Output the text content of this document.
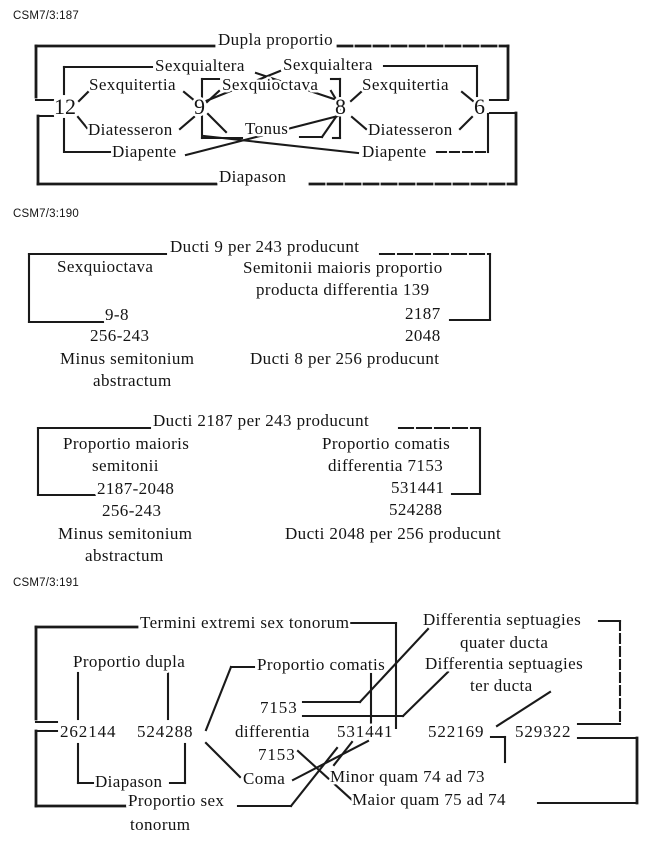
CSM7/3:187
CSM7/3:190
CSM7/3:191
Dupla proportio
Sexquialtera Sexquialtera
Sexquitertia	Sexquioctava	Sexquitertia
12	9	8	6
Diatesseron	Tonus	Diatesseron
Diapente	Diapente
Diapason
Ducti 9 per 243 producunt
Sexquioctava	Semitonii maioris proportio
producta differentia 139
9-8	2187
256-243	2048
Minus semitonium	Ducti 8 per 256 producunt
abstractum
Ducti 2187 per 243 producunt
Proportio maioris	Proportio comatis
semitonii	differentia 7153
2187-2048	531441
256-243	524288
Minus semitonium	Ducti 2048 per 256 producunt
abstractum
Termini extremi sex tonorum	Differentia septuagies
quater ducta
Proportio dupla	Proportio comatis Differentia septuagies
ter ducta
7153
262144 524288 differentia 531441 522169 529322
7153
Diapason	Coma	Minor quam 74 ad 73
Proportio sex	Maior quam 75 ad 74
tonorum
